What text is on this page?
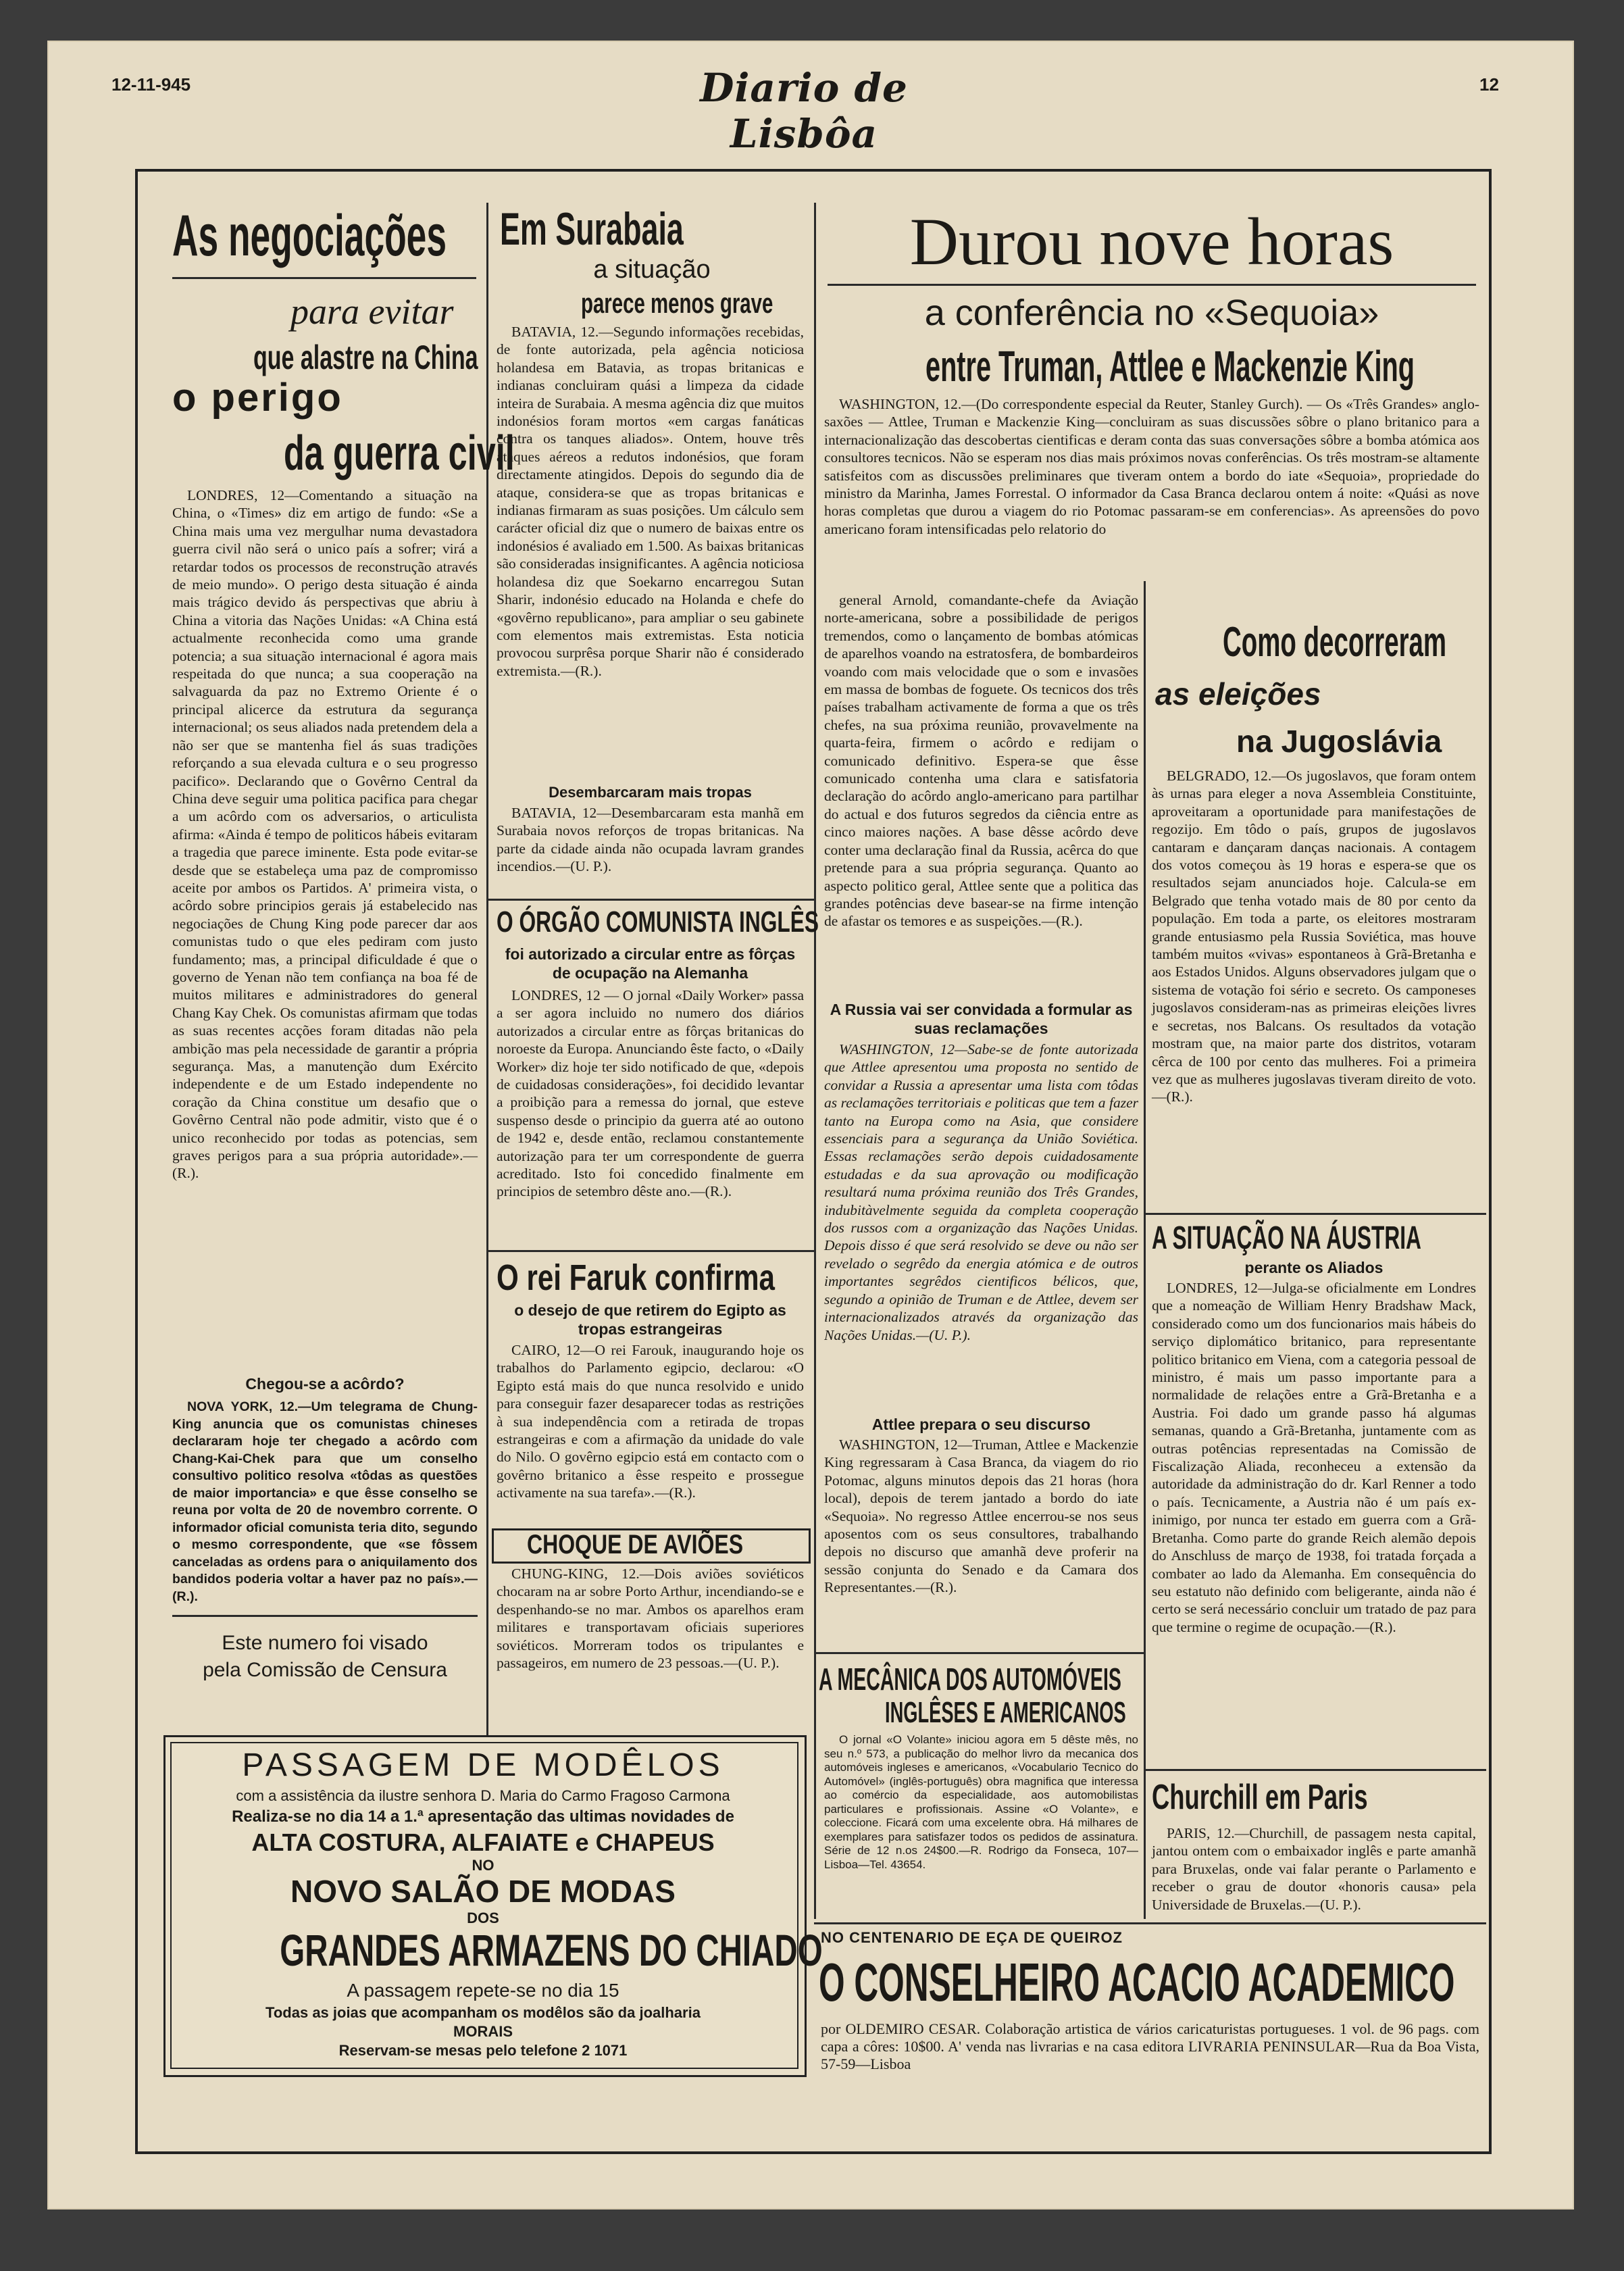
12-11-945	Diario de Lisbôa
12
As negociações
para evitar
que alastre na China
o perigo
da guerra civil

LONDRES, 12—Comentando a situação na China, o «Times» diz em artigo de fundo: «Se a China mais uma vez mergulhar numa devastadora guerra civil não será o unico país a sofrer; virá a retardar todos os processos de reconstrução através de meio mundo». O perigo desta situação é ainda mais trágico devido ás perspectivas que abriu à China a vitoria das Nações Unidas: «A China está actualmente reconhecida como uma grande potencia; a sua situação internacional é agora mais respeitada do que nunca; a sua cooperação na salvaguarda da paz no Extremo Oriente é o principal alicerce da estrutura da segurança internacional; os seus aliados nada pretendem dela a não ser que se mantenha fiel ás suas tradições reforçando a sua elevada cultura e o seu progresso pacifico». Declarando que o Govêrno Central da China deve seguir uma politica pacifica para chegar a um acôrdo com os adversarios, o articulista afirma: «Ainda é tempo de politicos hábeis evitaram a tragedia que parece iminente. Esta pode evitar-se desde que se estabeleça uma paz de compromisso aceite por ambos os Partidos. A' primeira vista, o acôrdo sobre principios gerais já estabelecido nas negociações de Chung King pode parecer dar aos comunistas tudo o que eles pediram com justo fundamento; mas, a principal dificuldade é que o governo de Yenan não tem confiança na boa fé de muitos militares e administradores do general Chang Kay Chek. Os comunistas afirmam que todas as suas recentes acções foram ditadas não pela ambição mas pela necessidade de garantir a própria segurança. Mas, a manutenção dum Exército independente e de um Estado independente no coração da China constitue um desafio que o Govêrno Central não pode admitir, visto que é o unico reconhecido por todas as potencias, sem graves perigos para a sua própria autoridade».—(R.).

Chegou-se a acôrdo?

NOVA YORK, 12.—Um telegrama de Chung-King anuncia que os comunistas chineses declararam hoje ter chegado a acôrdo com Chang-Kai-Chek para que um conselho consultivo politico resolva «tôdas as questões de maior importancia» e que êsse conselho se reuna por volta de 20 de novembro corrente. O informador oficial comunista teria dito, segundo o mesmo correspondente, que «se fôssem canceladas as ordens para o aniquilamento dos bandidos poderia voltar a haver paz no país».—(R.).

Este numero foi visado
pela Comissão de Censura
Em Surabaia
a situação
parece menos grave

BATAVIA, 12.—Segundo informações recebidas, de fonte autorizada, pela agência noticiosa holandesa em Batavia, as tropas britanicas e indianas concluiram quási a limpeza da cidade inteira de Surabaia. A mesma agência diz que muitos indonésios foram mortos «em cargas fanáticas contra os tanques aliados». Ontem, houve três ataques aéreos a redutos indonésios, que foram directamente atingidos. Depois do segundo dia de ataque, considera-se que as tropas britanicas e indianas firmaram as suas posições. Um cálculo sem carácter oficial diz que o numero de baixas entre os indonésios é avaliado em 1.500. As baixas britanicas são consideradas insignificantes. A agência noticiosa holandesa diz que Soekarno encarregou Sutan Sharir, indonésio educado na Holanda e chefe do «govêrno republicano», para ampliar o seu gabinete com elementos mais extremistas. Esta noticia provocou surprêsa porque Sharir não é considerado extremista.—(R.).

Desembarcaram mais tropas

BATAVIA, 12—Desembarcaram esta manhã em Surabaia novos reforços de tropas britanicas. Na parte da cidade ainda não ocupada lavram grandes incendios.—(U. P.).

O ÓRGÃO COMUNISTA INGLÊS
foi autorizado a circular entre as fôrças de ocupação na Alemanha

LONDRES, 12 — O jornal «Daily Worker» passa a ser agora incluido no numero dos diários autorizados a circular entre as fôrças britanicas do noroeste da Europa. Anunciando êste facto, o «Daily Worker» diz hoje ter sido notificado de que, «depois de cuidadosas considerações», foi decidido levantar a proibição para a remessa do jornal, que esteve suspenso desde o principio da guerra até ao outono de 1942 e, desde então, reclamou constantemente autorização para ter um correspondente de guerra acreditado. Isto foi concedido finalmente em principios de setembro dêste ano.—(R.).

O rei Faruk confirma
o desejo de que retirem do Egipto as tropas estrangeiras

CAIRO, 12—O rei Farouk, inaugurando hoje os trabalhos do Parlamento egipcio, declarou: «O Egipto está mais do que nunca resolvido e unido para conseguir fazer desaparecer todas as restrições à sua independência com a retirada de tropas estrangeiras e com a afirmação da unidade do vale do Nilo. O govêrno egipcio está em contacto com o govêrno britanico a êsse respeito e prossegue activamente na sua tarefa».—(R.).

CHOQUE DE AVIÕES

CHUNG-KING, 12.—Dois aviões soviéticos chocaram na ar sobre Porto Arthur, incendiando-se e despenhando-se no mar. Ambos os aparelhos eram militares e transportavam oficiais superiores soviéticos. Morreram todos os tripulantes e passageiros, em numero de 23 pessoas.—(U. P.).

Durou nove horas
a conferência no «Sequoia»
entre Truman, Attlee e Mackenzie King

WASHINGTON, 12.—(Do correspondente especial da Reuter, Stanley Gurch). — Os «Três Grandes» anglo-saxões — Attlee, Truman e Mackenzie King—concluiram as suas discussões sôbre o plano britanico para a internacionalização das descobertas cientificas e deram conta das suas conversações sôbre a bomba atómica aos consultores tecnicos. Não se esperam nos dias mais próximos novas conferências. Os três mostram-se altamente satisfeitos com as discussões preliminares que tiveram ontem a bordo do iate «Sequoia», propriedade do ministro da Marinha, James Forrestal. O informador da Casa Branca declarou ontem á noite: «Quási as nove horas completas que durou a viagem do rio Potomac passaram-se em conferencias». As apreensões do povo americano foram intensificadas pelo relatorio do

general Arnold, comandante-chefe da Aviação norte-americana, sobre a possibilidade de perigos tremendos, como o lançamento de bombas atómicas de aparelhos voando na estratosfera, de bombardeiros voando com mais velocidade que o som e invasões em massa de bombas de foguete. Os tecnicos dos três países trabalham activamente de forma a que os três chefes, na sua próxima reunião, provavelmente na quarta-feira, firmem o acôrdo e redijam o comunicado definitivo. Espera-se que êsse comunicado contenha uma clara e satisfatoria declaração do acôrdo anglo-americano para partilhar do actual e dos futuros segredos da ciência entre as cinco maiores nações. A base dêsse acôrdo deve conter uma declaração final da Russia, acêrca do que pretende para a sua própria segurança. Quanto ao aspecto politico geral, Attlee sente que a politica das grandes potências deve basear-se na firme intenção de afastar os temores e as suspeições.—(R.).

A Russia vai ser convidada a formular as suas reclamações

WASHINGTON, 12—Sabe-se de fonte autorizada que Attlee apresentou uma proposta no sentido de convidar a Russia a apresentar uma lista com tôdas as reclamações territoriais e politicas que tem a fazer tanto na Europa como na Asia, que considere essenciais para a segurança da União Soviética. Essas reclamações serão depois cuidadosamente estudadas e da sua aprovação ou modificação resultará numa próxima reunião dos Três Grandes, indubitàvelmente seguida da completa cooperação dos russos com a organização das Nações Unidas. Depois disso é que será resolvido se deve ou não ser revelado o segrêdo da energia atómica e de outros importantes segrêdos cientificos bélicos, que, segundo a opinião de Truman e de Attlee, devem ser internacionalizados através da organização das Nações Unidas.—(U. P.).

Attlee prepara o seu discurso

WASHINGTON, 12—Truman, Attlee e Mackenzie King regressaram à Casa Branca, da viagem do rio Potomac, alguns minutos depois das 21 horas (hora local), depois de terem jantado a bordo do iate «Sequoia». No regresso Attlee encerrou-se nos seus aposentos com os seus consultores, trabalhando depois no discurso que amanhã deve proferir na sessão conjunta do Senado e da Camara dos Representantes.—(R.).

A MECÂNICA DOS AUTOMÓVEIS
INGLÊSES E AMERICANOS

O jornal «O Volante» iniciou agora em 5 dêste mês, no seu n.º 573, a publicação do melhor livro da mecanica dos automóveis ingleses e americanos, «Vocabulario Tecnico do Automóvel» (inglês-português) obra magnifica que interessa ao comércio da especialidade, aos automobilistas particulares e profissionais. Assine «O Volante», e coleccione. Ficará com uma excelente obra. Há milhares de exemplares para satisfazer todos os pedidos de assinatura. Série de 12 n.os 24$00.—R. Rodrigo da Fonseca, 107—Lisboa—Tel. 43654.

Como decorreram
as eleições
na Jugoslávia

BELGRADO, 12.—Os jugoslavos, que foram ontem às urnas para eleger a nova Assembleia Constituinte, aproveitaram a oportunidade para manifestações de regozijo. Em tôdo o país, grupos de jugoslavos cantaram e dançaram danças nacionais. A contagem dos votos começou às 19 horas e espera-se que os resultados sejam anunciados hoje. Calcula-se em Belgrado que tenha votado mais de 80 por cento da população. Em toda a parte, os eleitores mostraram grande entusiasmo pela Russia Soviética, mas houve também muitos «vivas» espontaneos à Grã-Bretanha e aos Estados Unidos. Alguns observadores julgam que o sistema de votação foi sério e secreto. Os camponeses jugoslavos consideram-nas as primeiras eleições livres e secretas, nos Balcans. Os resultados da votação mostram que, na maior parte dos distritos, votaram cêrca de 100 por cento das mulheres. Foi a primeira vez que as mulheres jugoslavas tiveram direito de voto.—(R.).

A SITUAÇÃO NA ÁUSTRIA
perante os Aliados

LONDRES, 12—Julga-se oficialmente em Londres que a nomeação de William Henry Bradshaw Mack, considerado como um dos funcionarios mais hábeis do serviço diplomático britanico, para representante politico britanico em Viena, com a categoria pessoal de ministro, é mais um passo importante para a normalidade de relações entre a Grã-Bretanha e a Austria. Foi dado um grande passo há algumas semanas, quando a Grã-Bretanha, juntamente com as outras potências representadas na Comissão de Fiscalização Aliada, reconheceu a extensão da autoridade da administração do dr. Karl Renner a todo o país. Tecnicamente, a Austria não é um país ex-inimigo, por nunca ter estado em guerra com a Grã-Bretanha. Como parte do grande Reich alemão depois do Anschluss de março de 1938, foi tratada forçada a combater ao lado da Alemanha. Em consequência do seu estatuto não definido com beligerante, ainda não é certo se será necessário concluir um tratado de paz para que termine o regime de ocupação.—(R.).

Churchill em Paris

PARIS, 12.—Churchill, de passagem nesta capital, jantou ontem com o embaixador inglês e parte amanhã para Bruxelas, onde vai falar perante o Parlamento e receber o grau de doutor «honoris causa» pela Universidade de Bruxelas.—(U. P.).

PASSAGEM DE MODÊLOS
com a assistência da ilustre senhora D. Maria do Carmo Fragoso Carmona
Realiza-se no dia 14 a 1.ª apresentação das ultimas novidades de
ALTA COSTURA, ALFAIATE e CHAPEUS
NO
NOVO SALÃO DE MODAS
DOS
GRANDES ARMAZENS DO CHIADO
A passagem repete-se no dia 15
Todas as joias que acompanham os modêlos são da joalharia
MORAIS
Reservam-se mesas pelo telefone 2 1071
NO CENTENARIO DE EÇA DE QUEIROZ
O CONSELHEIRO ACACIO ACADEMICO

por OLDEMIRO CESAR. Colaboração artistica de vários caricaturistas portugueses. 1 vol. de 96 pags. com capa a côres: 10$00. A' venda nas livrarias e na casa editora LIVRARIA PENINSULAR—Rua da Boa Vista, 57-59—Lisboa
